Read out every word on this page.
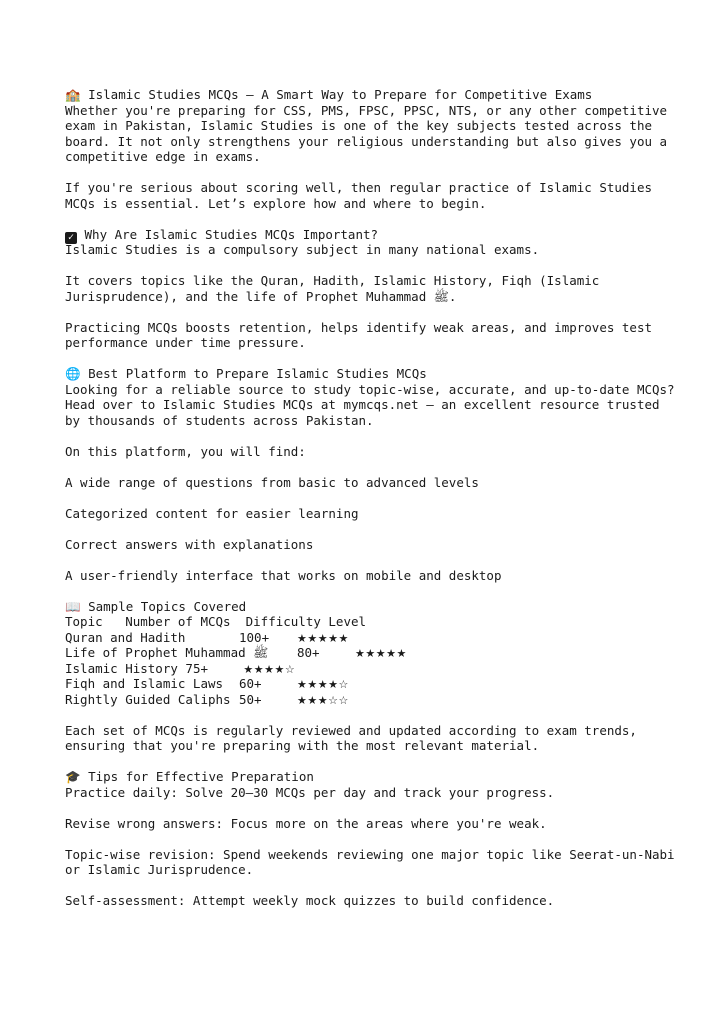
🏫 Islamic Studies MCQs – A Smart Way to Prepare for Competitive Exams
Whether you're preparing for CSS, PMS, FPSC, PPSC, NTS, or any other competitive
exam in Pakistan, Islamic Studies is one of the key subjects tested across the
board. It not only strengthens your religious understanding but also gives you a
competitive edge in exams.
If you're serious about scoring well, then regular practice of Islamic Studies
MCQs is essential. Let’s explore how and where to begin.
✓ Why Are Islamic Studies MCQs Important?
Islamic Studies is a compulsory subject in many national exams.
It covers topics like the Quran, Hadith, Islamic History, Fiqh (Islamic
Jurisprudence), and the life of Prophet Muhammad ﷺ.
Practicing MCQs boosts retention, helps identify weak areas, and improves test
performance under time pressure.
🌐 Best Platform to Prepare Islamic Studies MCQs
Looking for a reliable source to study topic-wise, accurate, and up-to-date MCQs?
Head over to Islamic Studies MCQs at mymcqs.net — an excellent resource trusted
by thousands of students across Pakistan.
On this platform, you will find:
A wide range of questions from basic to advanced levels
Categorized content for easier learning
Correct answers with explanations
A user-friendly interface that works on mobile and desktop
📖 Sample Topics Covered
Topic   Number of MCQs  Difficulty Level
Quran and Hadith	100+	★★★★★
Life of Prophet Muhammad ﷺ 80+	★★★★★
Islamic History 75+	★★★★☆
Fiqh and Islamic Laws 60+	★★★★☆
Rightly Guided Caliphs 50+	★★★☆☆
Each set of MCQs is regularly reviewed and updated according to exam trends,
ensuring that you're preparing with the most relevant material.
🎓 Tips for Effective Preparation
Practice daily: Solve 20–30 MCQs per day and track your progress.
Revise wrong answers: Focus more on the areas where you're weak.
Topic-wise revision: Spend weekends reviewing one major topic like Seerat-un-Nabi
or Islamic Jurisprudence.
Self-assessment: Attempt weekly mock quizzes to build confidence.
